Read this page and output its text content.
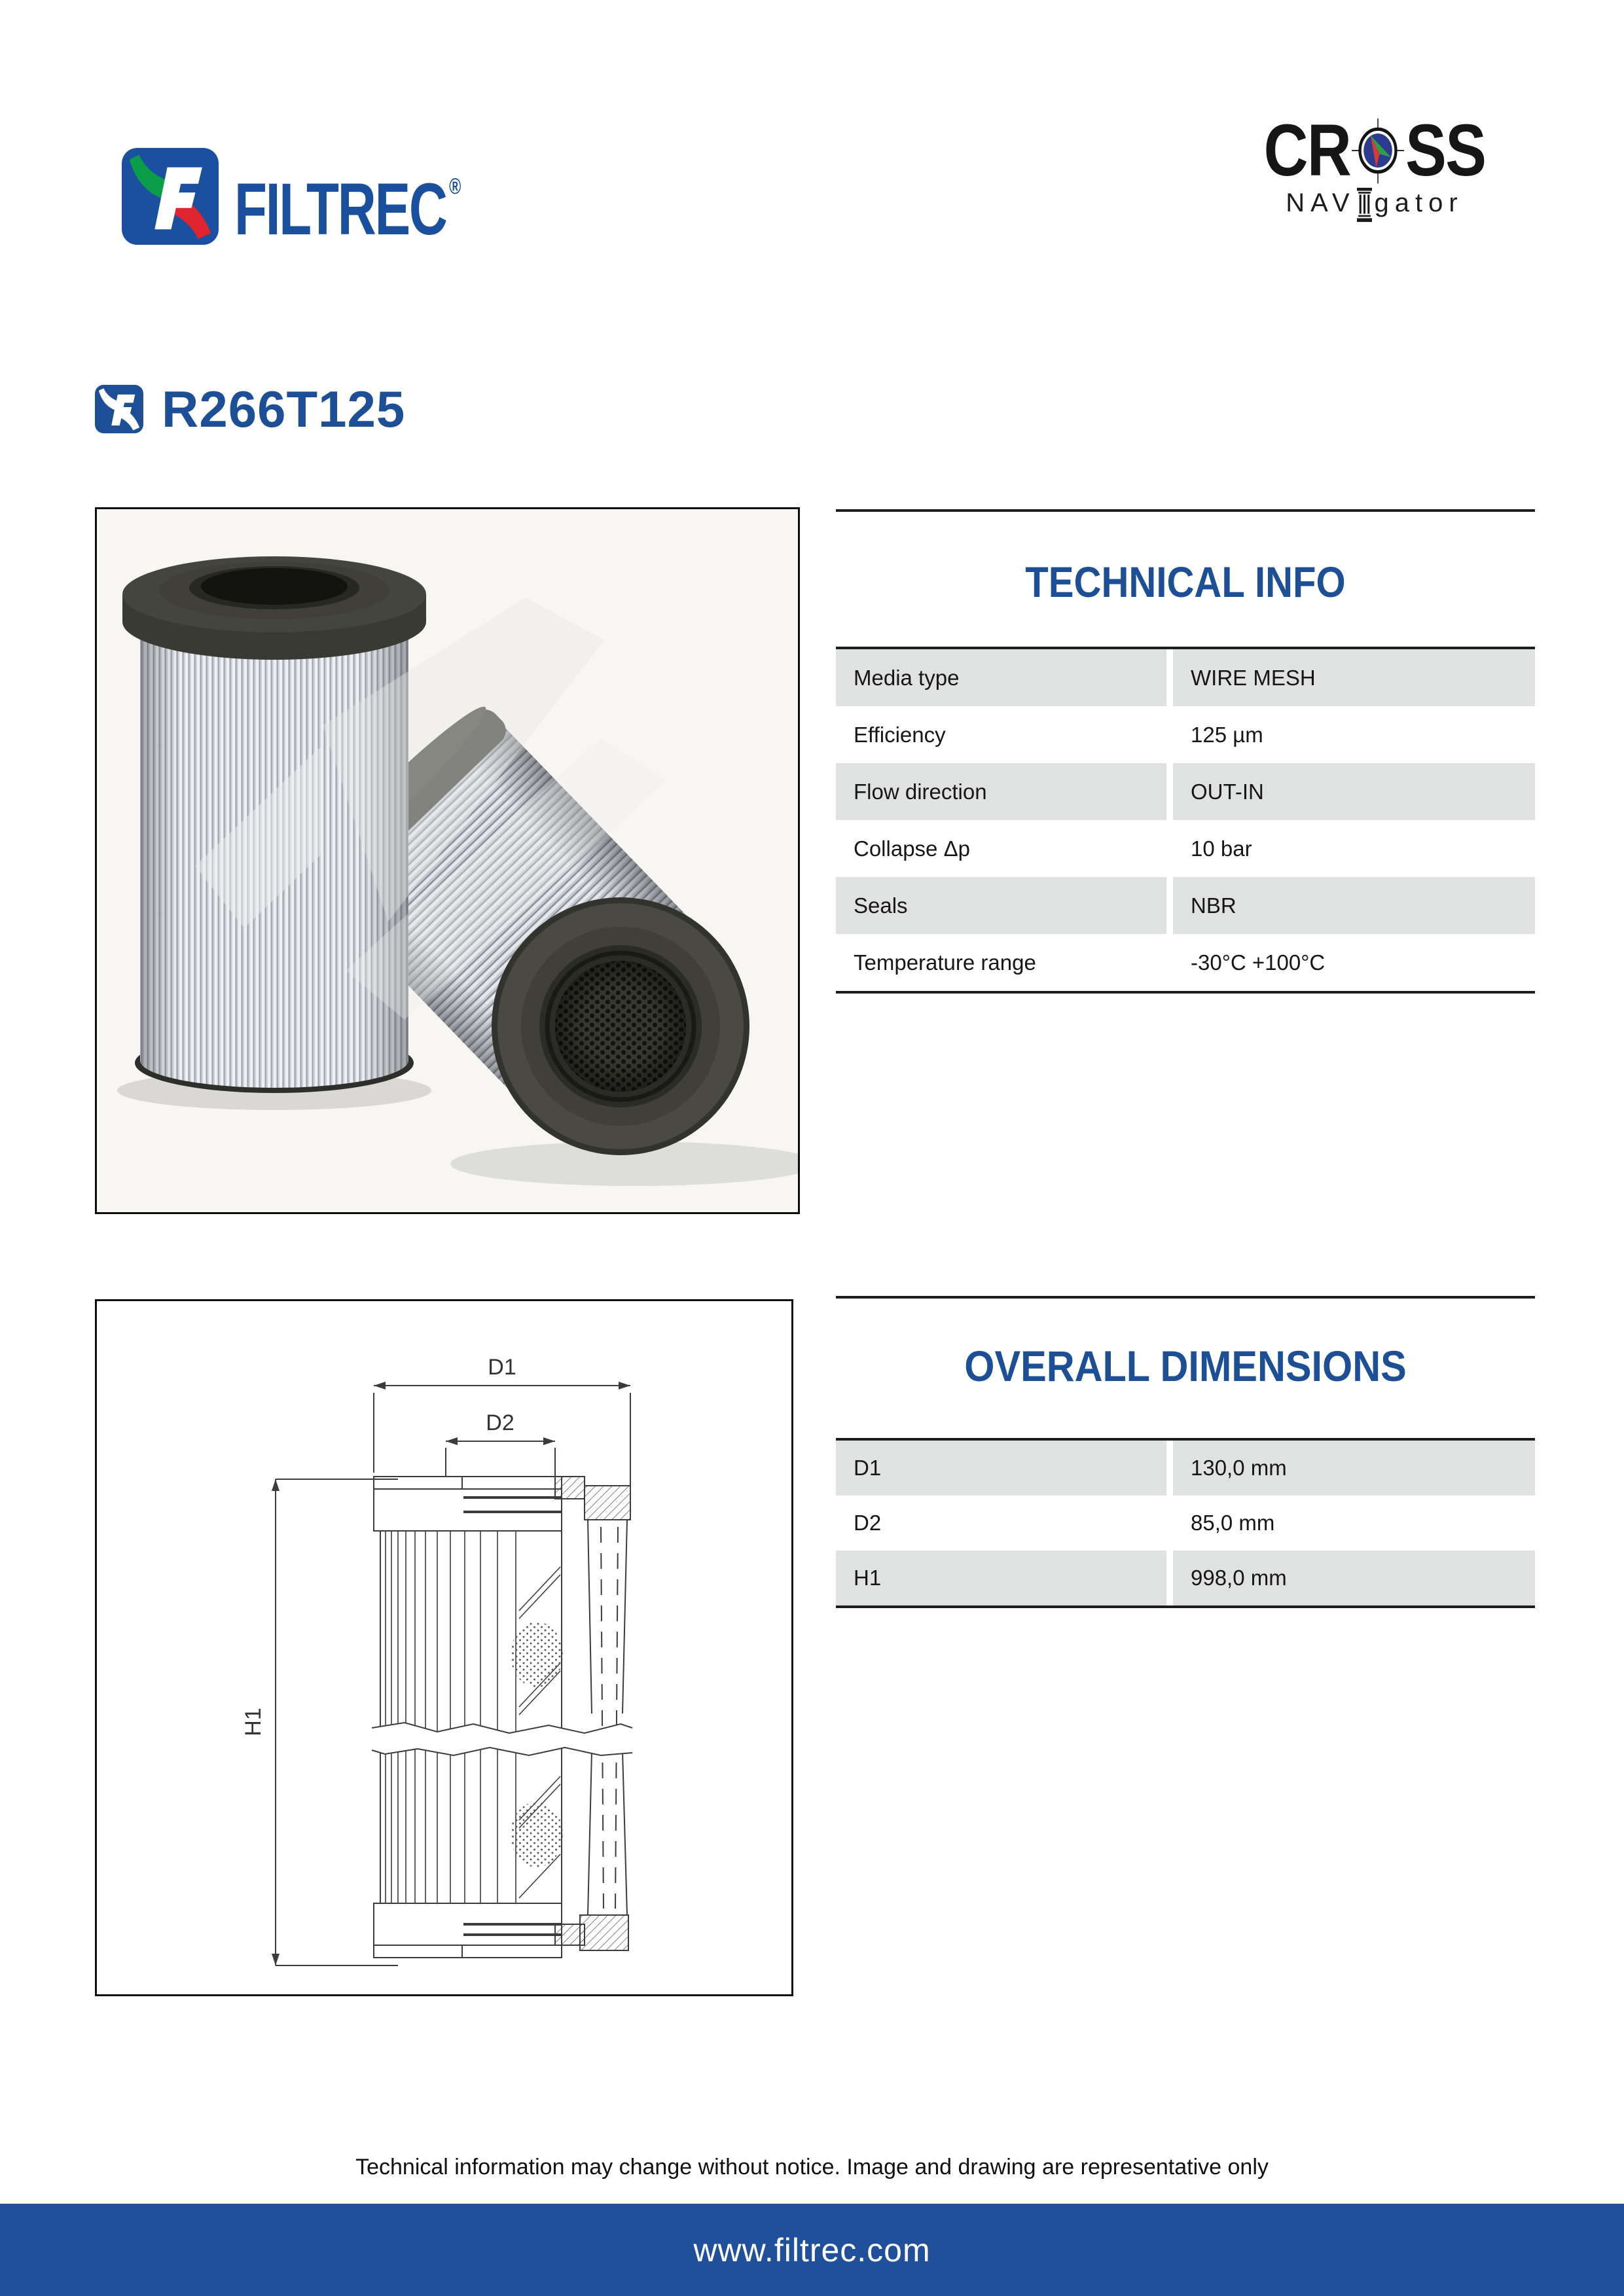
FILTREC ®	CR SS
NAV gator
R266T125
TECHNICAL INFO
Media type	WIRE MESH
Efficiency	125 µm
Flow direction	OUT-IN
Collapse Δp	10 bar
Seals	NBR
Temperature range	-30°C +100°C
D1
D2
H1
OVERALL DIMENSIONS
D1	130,0 mm
D2	85,0 mm
H1	998,0 mm
Technical information may change without notice. Image and drawing are representative only
www.filtrec.com
